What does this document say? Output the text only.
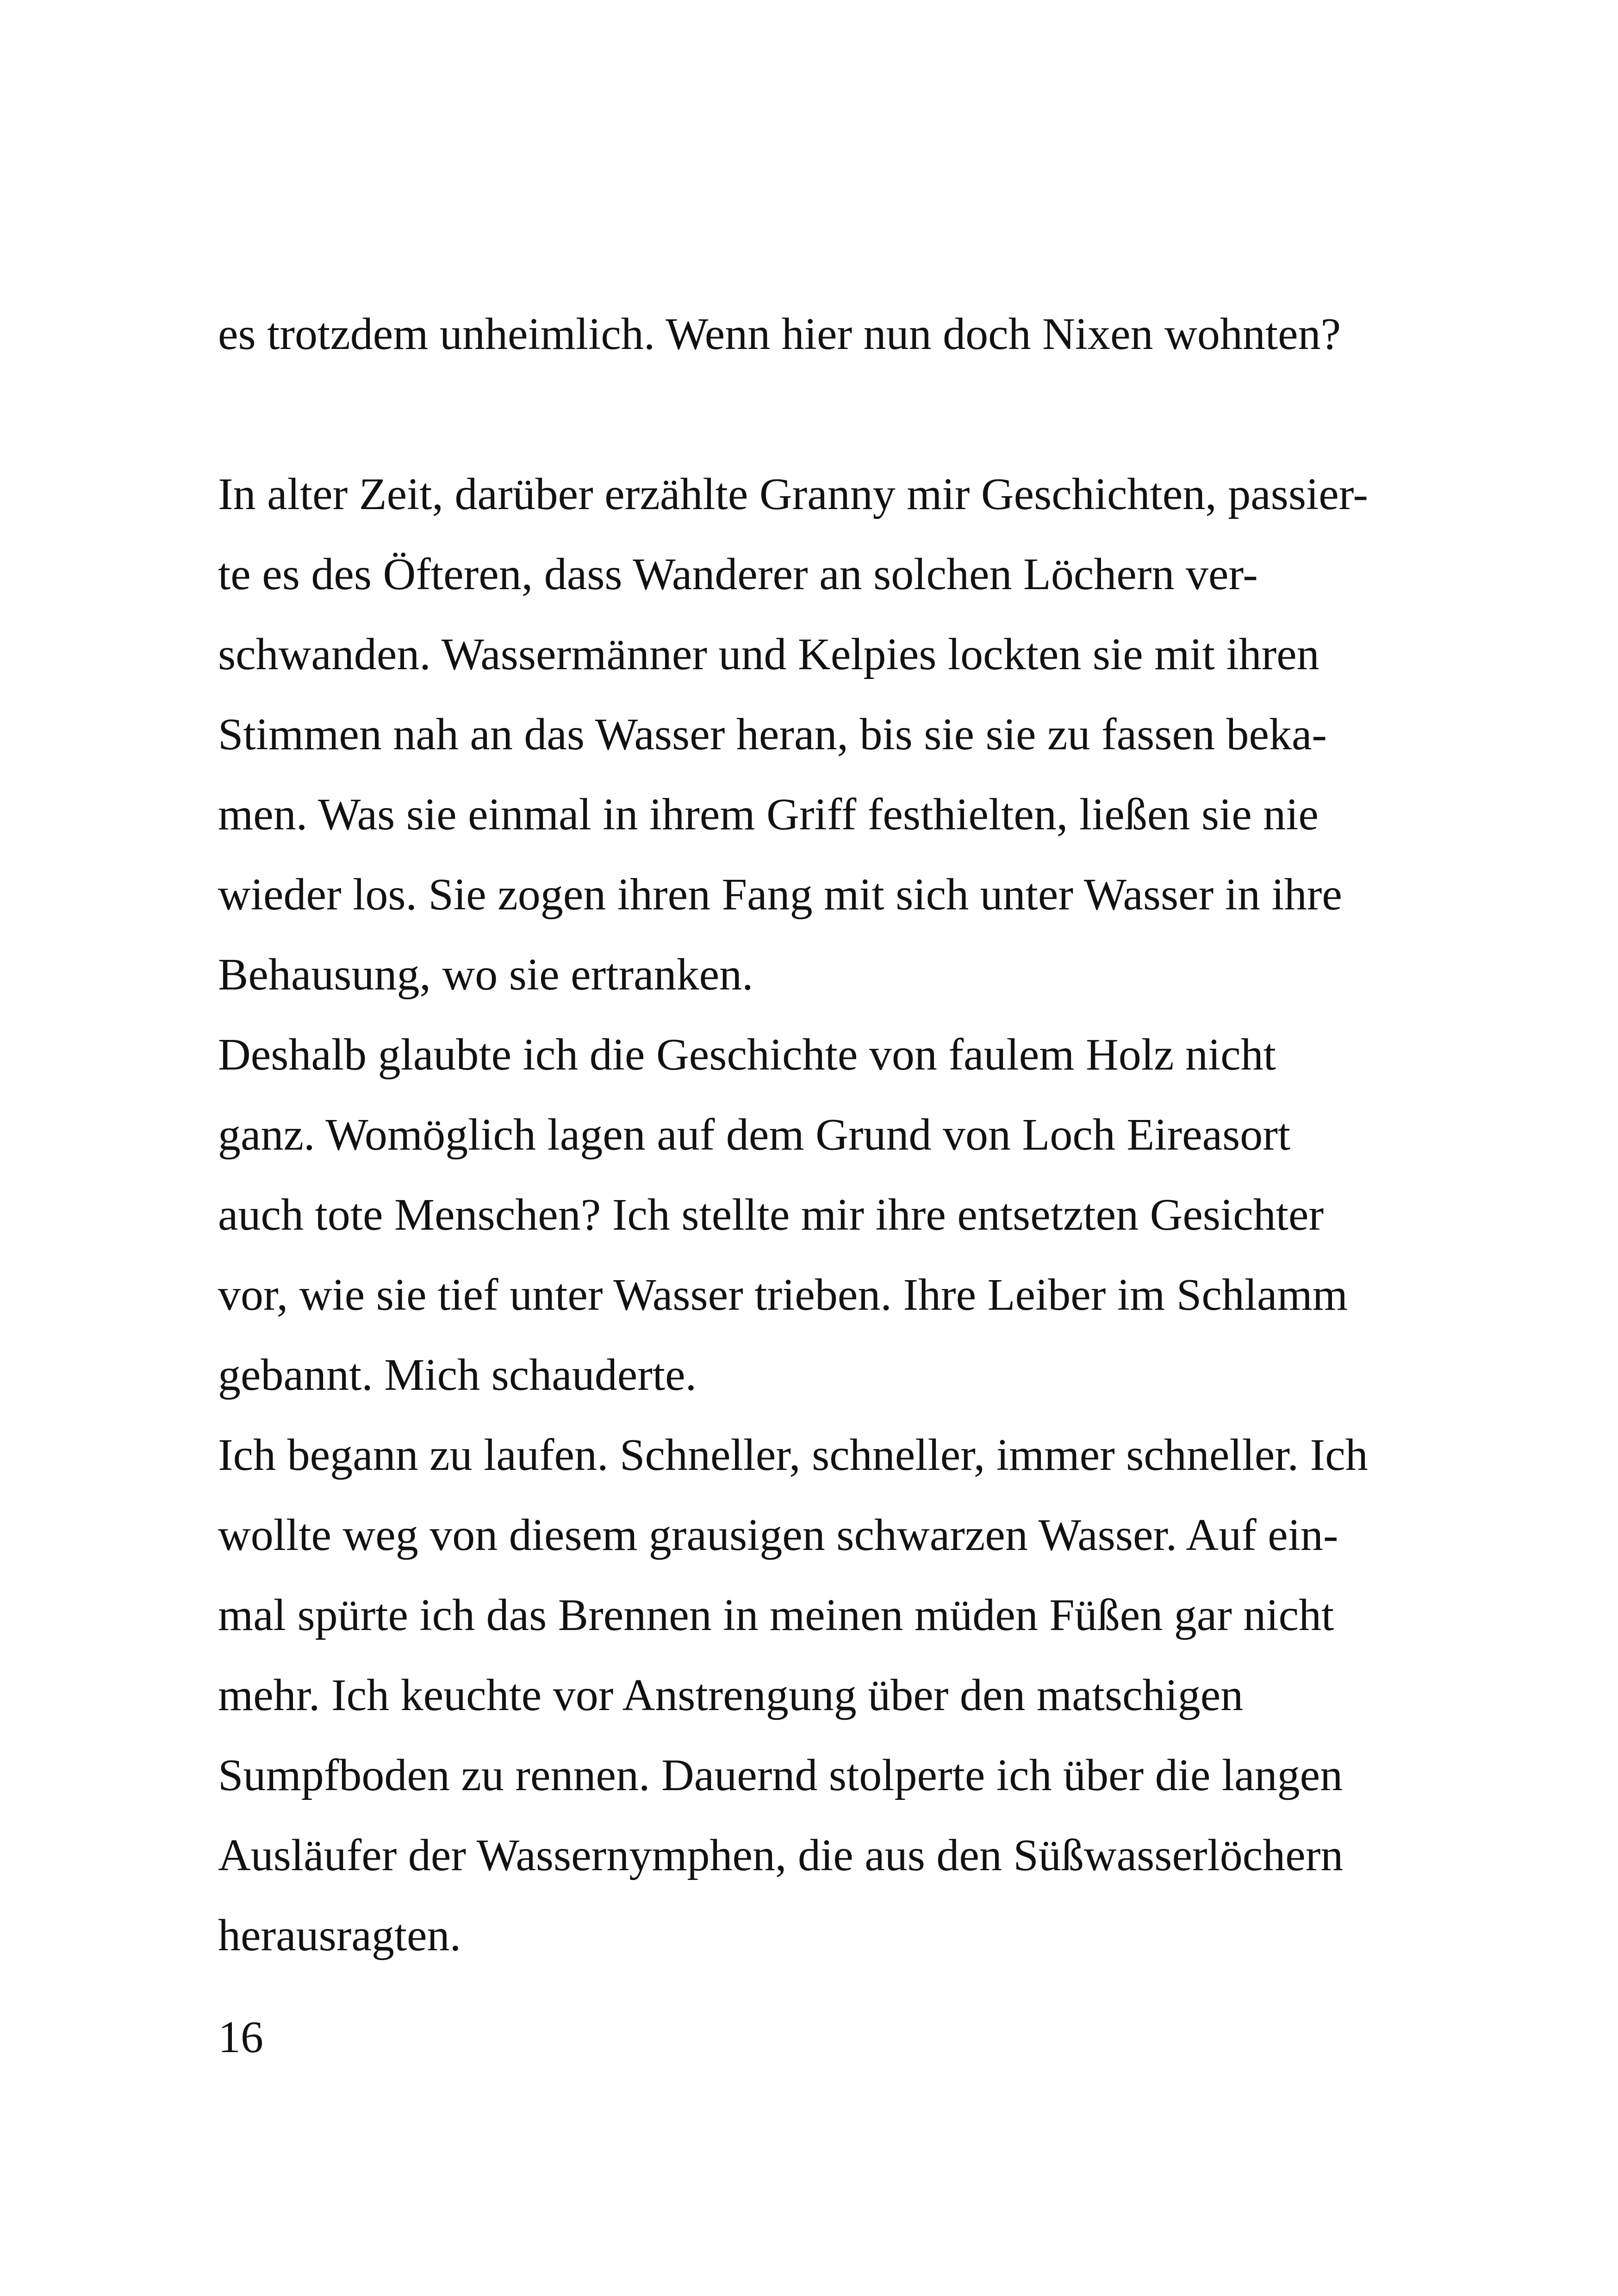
es trotzdem unheimlich. Wenn hier nun doch Nixen wohnten?
In alter Zeit, darüber erzählte Granny mir Geschichten, passier-
te es des Öfteren, dass Wanderer an solchen Löchern ver-
schwanden. Wassermänner und Kelpies lockten sie mit ihren
Stimmen nah an das Wasser heran, bis sie sie zu fassen beka-
men. Was sie einmal in ihrem Griff festhielten, ließen sie nie
wieder los. Sie zogen ihren Fang mit sich unter Wasser in ihre
Behausung, wo sie ertranken.
Deshalb glaubte ich die Geschichte von faulem Holz nicht
ganz. Womöglich lagen auf dem Grund von Loch Eireasort
auch tote Menschen? Ich stellte mir ihre entsetzten Gesichter
vor, wie sie tief unter Wasser trieben. Ihre Leiber im Schlamm
gebannt. Mich schauderte.
Ich begann zu laufen. Schneller, schneller, immer schneller. Ich
wollte weg von diesem grausigen schwarzen Wasser. Auf ein-
mal spürte ich das Brennen in meinen müden Füßen gar nicht
mehr. Ich keuchte vor Anstrengung über den matschigen
Sumpfboden zu rennen. Dauernd stolperte ich über die langen
Ausläufer der Wassernymphen, die aus den Süßwasserlöchern
herausragten.
16
